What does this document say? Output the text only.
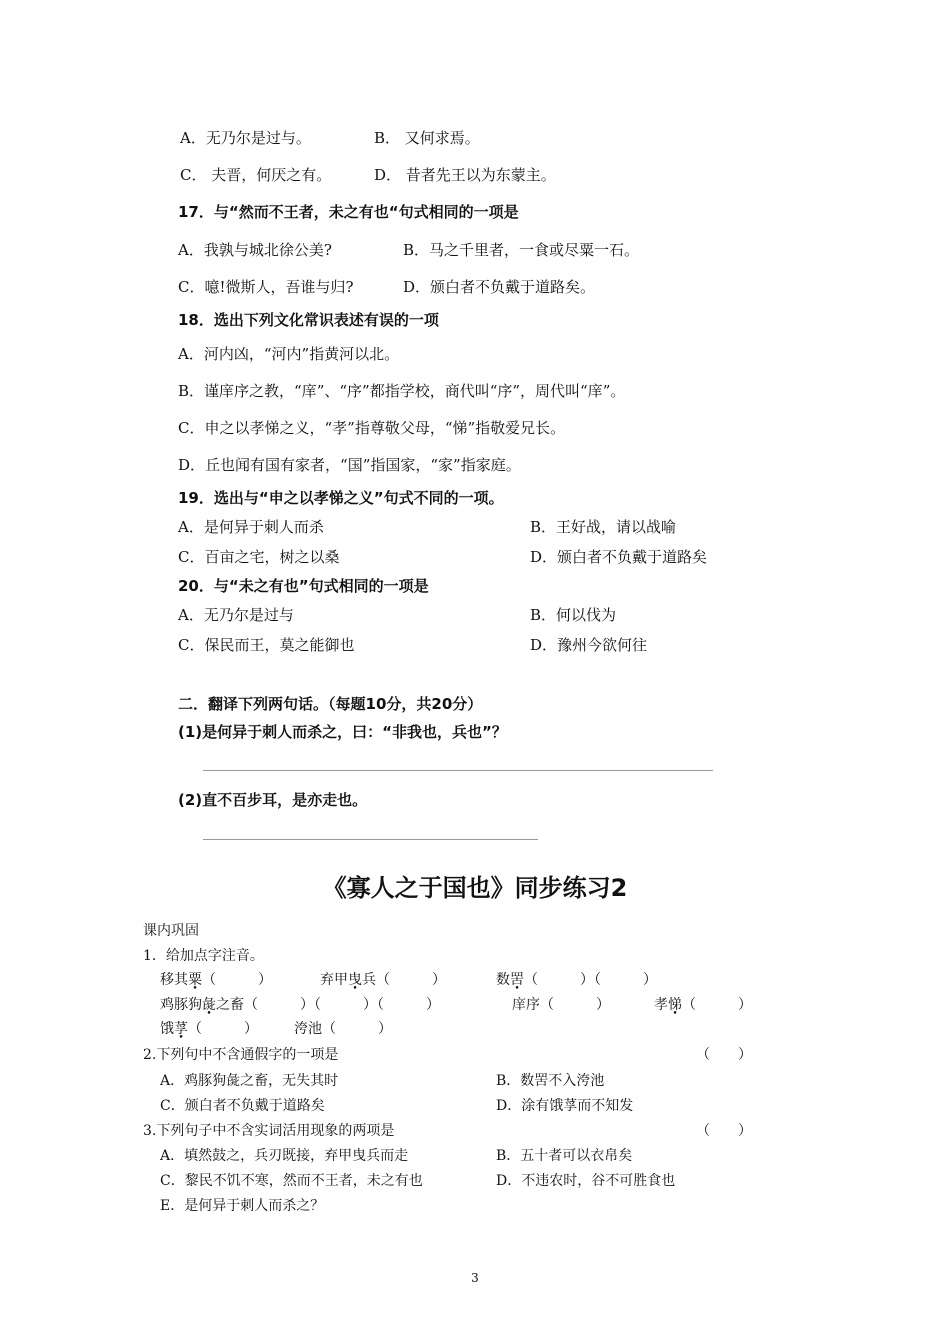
A．无乃尔是过与。	B． 又何求焉。
C． 夫晋，何厌之有。	D． 昔者先王以为东蒙主。
17．与“然而不王者，未之有也“句式相同的一项是
A．我孰与城北徐公美?	B．马之千里者，一食或尽粟一石。
C．噫!微斯人，吾谁与归?	D．颁白者不负戴于道路矣。
18．选出下列文化常识表述有误的一项
A．河内凶，“河内”指黄河以北。
B．谨庠序之教，“庠”、“序”都指学校，商代叫“序”，周代叫“庠”。
C．申之以孝悌之义，“孝”指尊敬父母，“悌”指敬爱兄长。
D．丘也闻有国有家者，“国”指国家，“家”指家庭。
19．选出与“申之以孝悌之义”句式不同的一项。
A．是何异于刺人而杀	B．王好战，请以战喻
C．百亩之宅，树之以桑	D．颁白者不负戴于道路矣
20．与“未之有也”句式相同的一项是
A．无乃尔是过与	B．何以伐为
C．保民而王，莫之能御也	D．豫州今欲何往
二．翻译下列两句话。（每题10分，共20分）
(1)是何异于刺人而杀之，曰：“非我也，兵也”？
(2)直不百步耳，是亦走也。
《寡人之于国也》同步练习2
课内巩固
1．给加点字注音。
移其粟（　　　）	弃甲曳兵（　　　）	数罟（　　　）（　　　）
鸡豚狗彘之畜（　　　）（　　　）（　　　）	庠序（　　　）	孝悌（　　　）
饿莩（　　　）	洿池（　　　）
2.下列句中不含通假字的一项是	（　　）
A．鸡豚狗彘之畜，无失其时	B．数罟不入洿池
C．颁白者不负戴于道路矣	D．涂有饿莩而不知发
3.下列句子中不含实词活用现象的两项是	（　　）
A．填然鼓之，兵刃既接，弃甲曳兵而走	B．五十者可以衣帛矣
C．黎民不饥不寒，然而不王者，未之有也	D．不违农时，谷不可胜食也
E．是何异于刺人而杀之？
3
